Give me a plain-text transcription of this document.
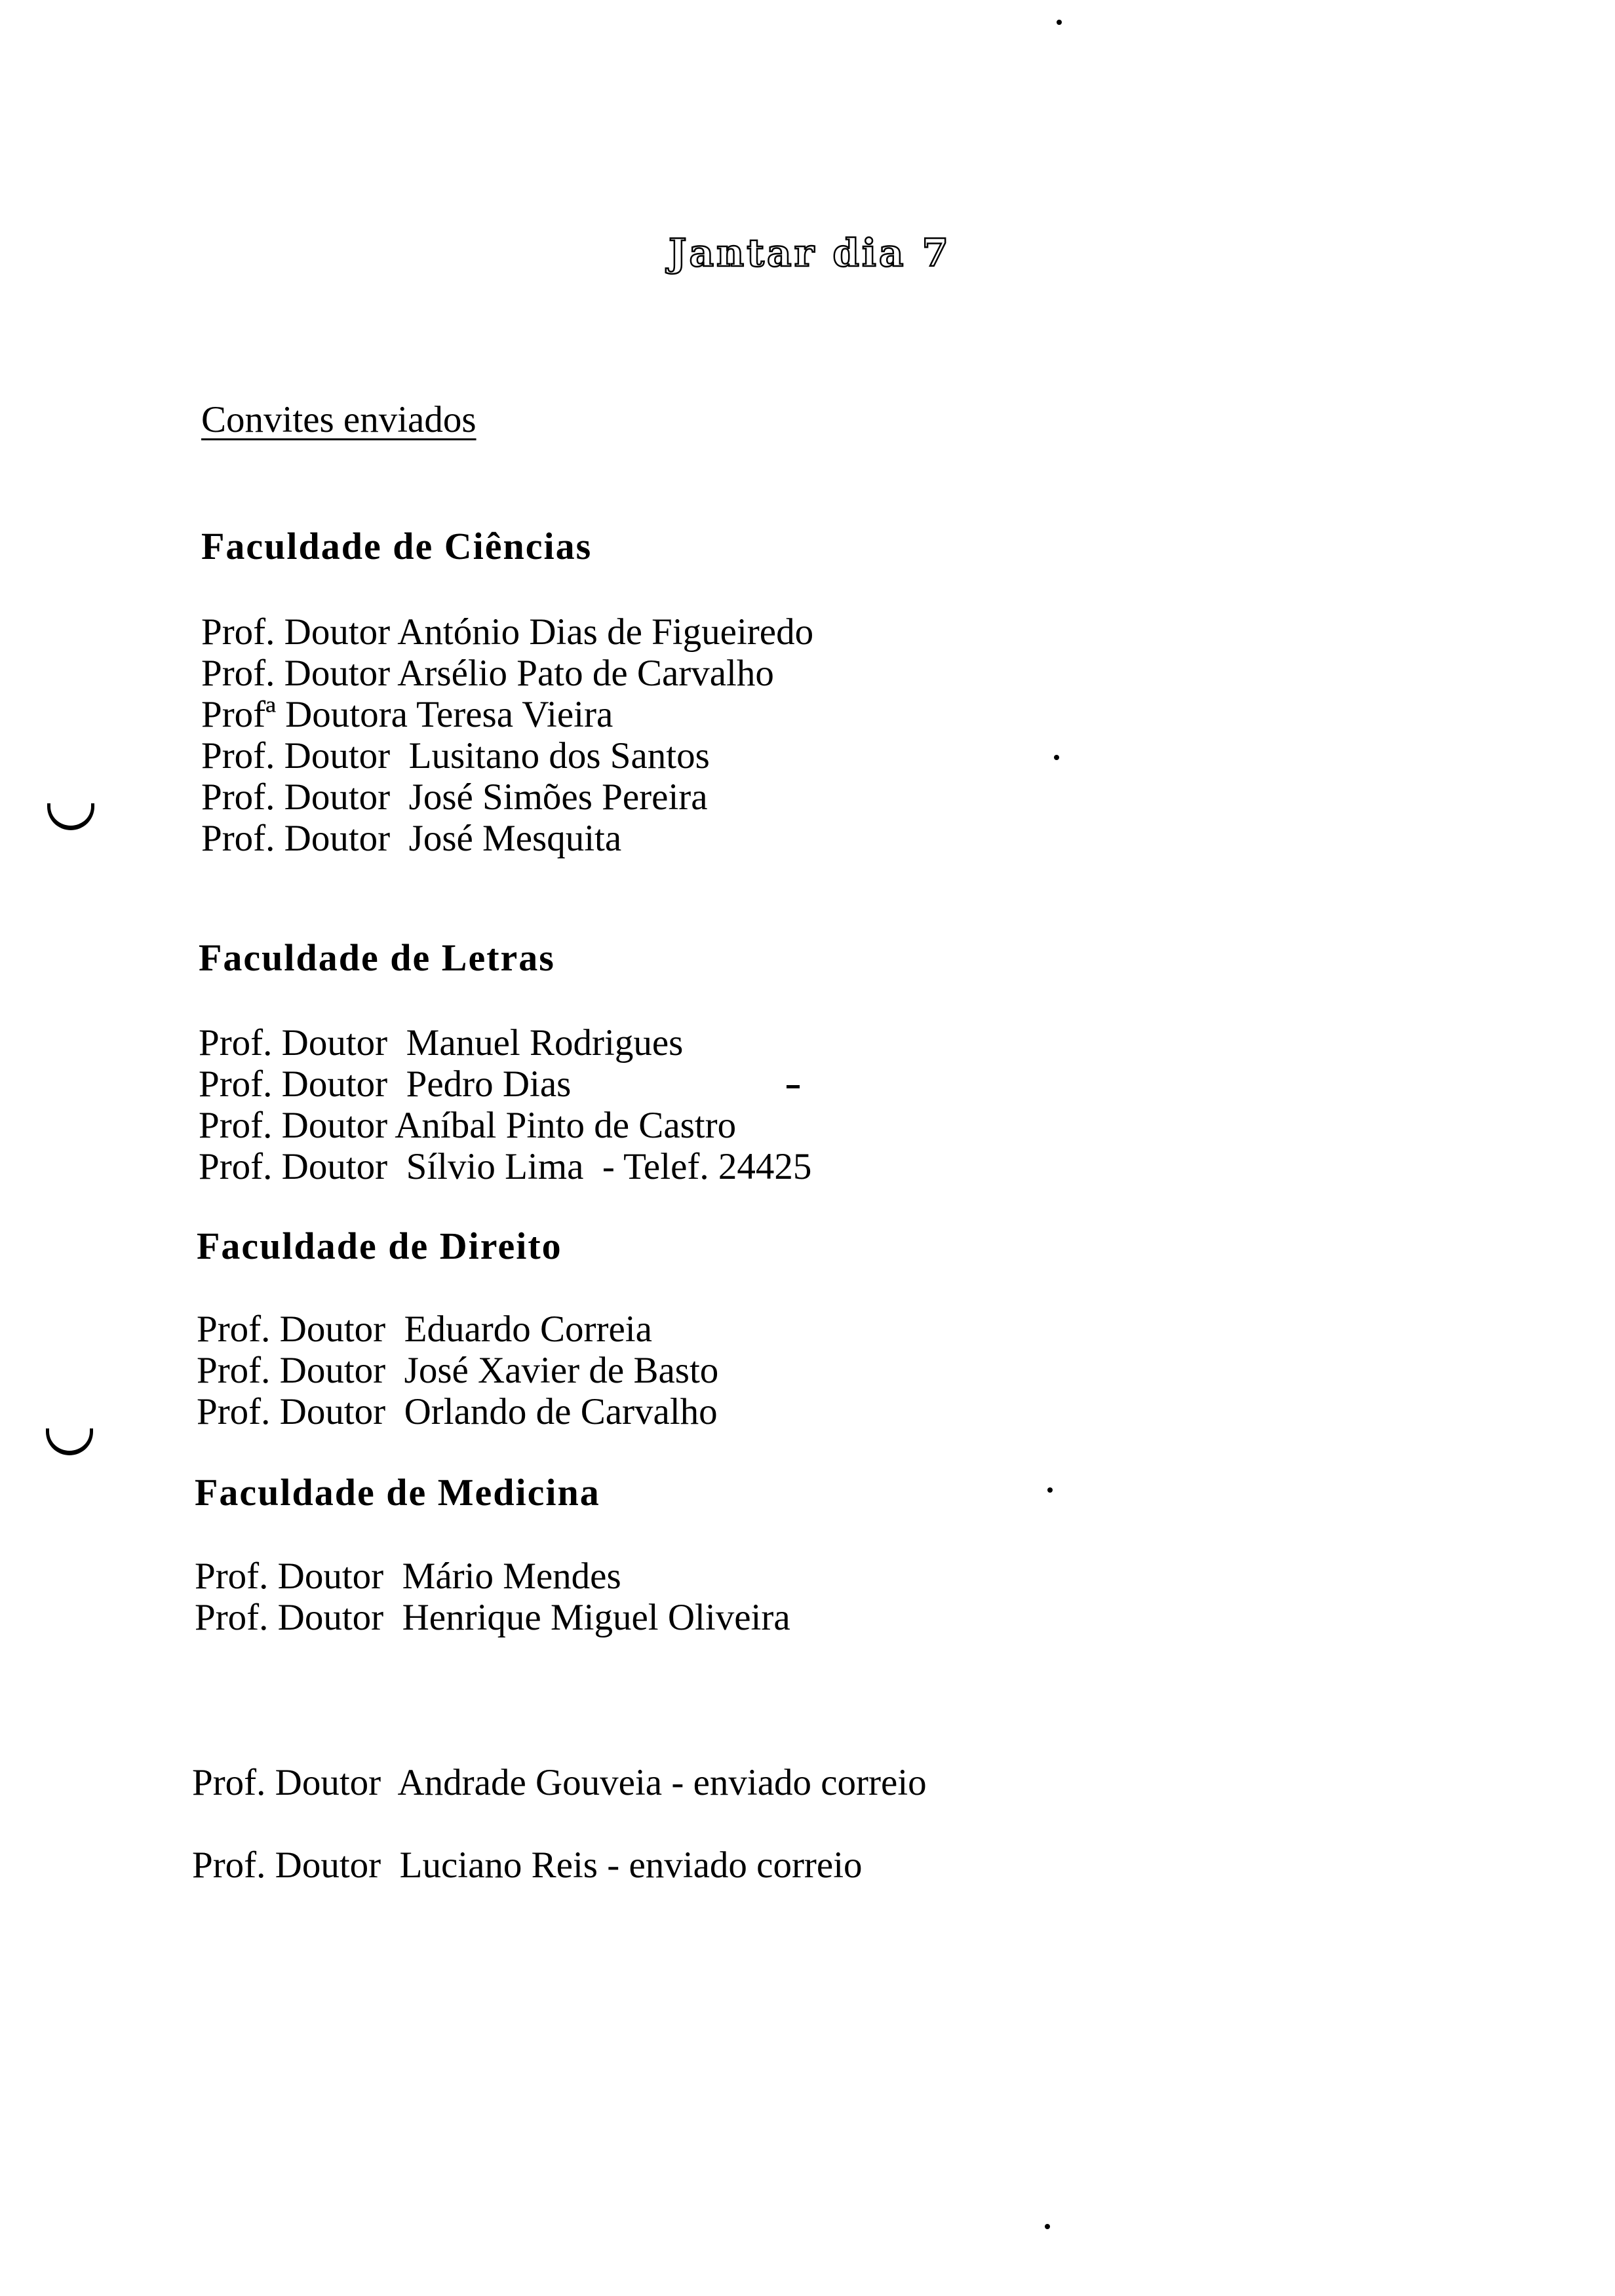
Jantar dia 7
Convites enviados
Faculdade de Ciências
Prof. Doutor António Dias de Figueiredo
Prof. Doutor Arsélio Pato de Carvalho
Profª Doutora Teresa Vieira
Prof. Doutor  Lusitano dos Santos
Prof. Doutor  José Simões Pereira
Prof. Doutor  José Mesquita
Faculdade de Letras
Prof. Doutor  Manuel Rodrigues
Prof. Doutor  Pedro Dias
Prof. Doutor Aníbal Pinto de Castro
Prof. Doutor  Sílvio Lima  - Telef. 24425
Faculdade de Direito
Prof. Doutor  Eduardo Correia
Prof. Doutor  José Xavier de Basto
Prof. Doutor  Orlando de Carvalho
Faculdade de Medicina
Prof. Doutor  Mário Mendes
Prof. Doutor  Henrique Miguel Oliveira
Prof. Doutor  Andrade Gouveia - enviado correio
Prof. Doutor  Luciano Reis - enviado correio
